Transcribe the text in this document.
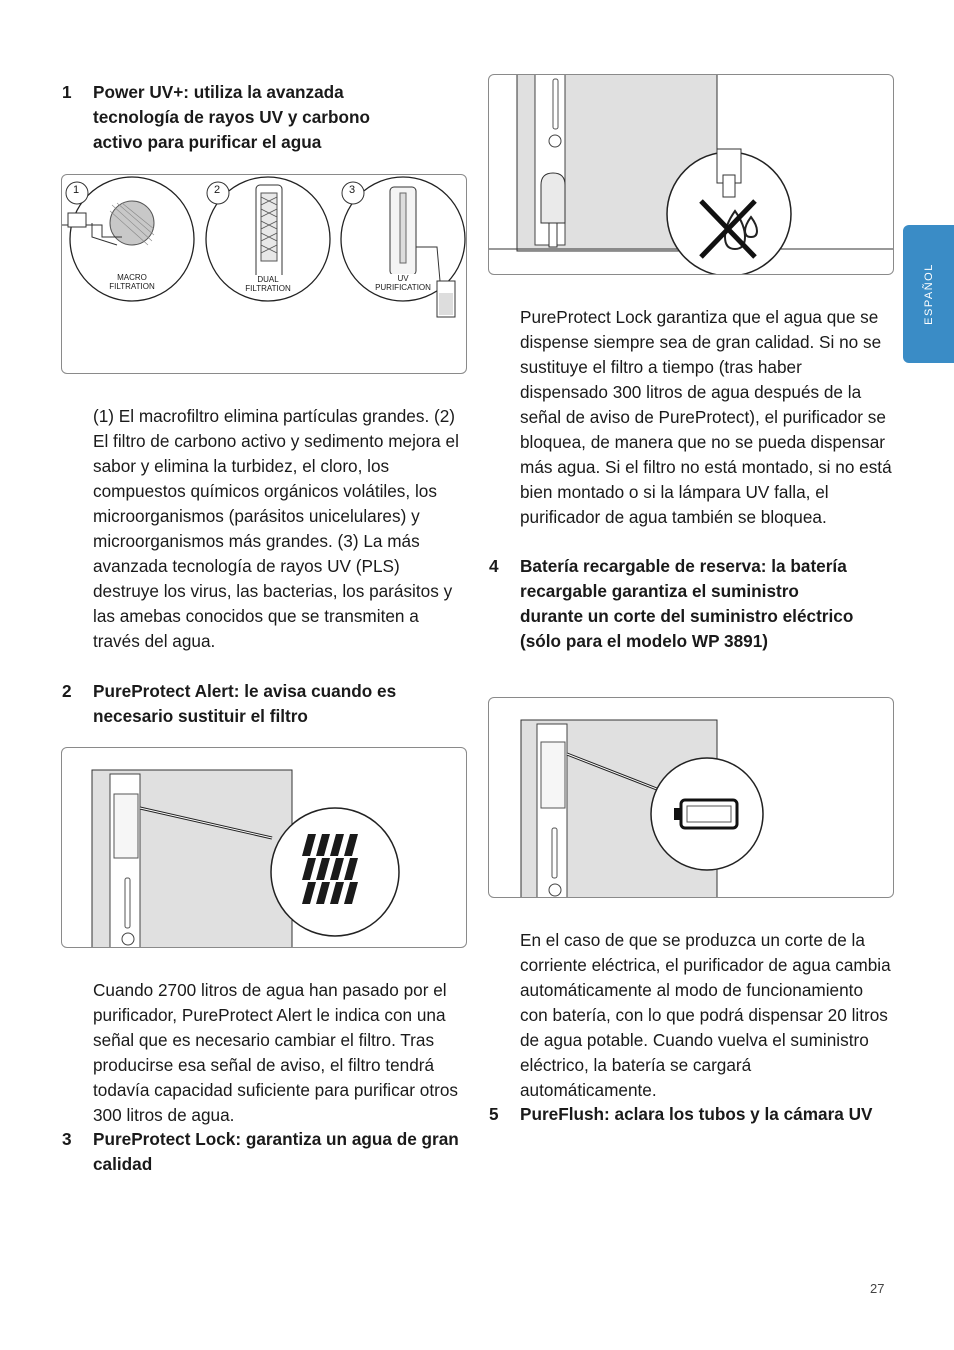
1 Power UV+: utiliza la avanzada tecnología de rayos UV y carbono activo para purificar el agua
1	2	3
MACRO FILTRATION
DUAL FILTRATION
UV PURIFICATION
(1) El macrofiltro elimina partículas grandes. (2) El filtro de carbono activo y sedimento mejora el sabor y elimina la turbidez, el cloro, los compuestos químicos orgánicos volátiles, los microorganismos (parásitos unicelulares) y microorganismos más grandes. (3) La más avanzada tecnología de rayos UV (PLS) destruye los virus, las bacterias, los parásitos y las amebas conocidos que se transmiten a través del agua.
2 PureProtect Alert: le avisa cuando es necesario sustituir el filtro
Cuando 2700 litros de agua han pasado por el purificador, PureProtect Alert le indica con una señal que es necesario cambiar el filtro. Tras producirse esa señal de aviso, el filtro tendrá todavía capacidad suficiente para purificar otros 300 litros de agua.
3 PureProtect Lock: garantiza un agua de gran calidad
PureProtect Lock garantiza que el agua que se dispense siempre sea de gran calidad. Si no se sustituye el filtro a tiempo (tras haber dispensado 300 litros de agua después de la señal de aviso de PureProtect), el purificador se bloquea, de manera que no se pueda dispensar más agua. Si el filtro no está montado, si no está bien montado o si la lámpara UV falla, el purificador de agua también se bloquea.
4 Batería recargable de reserva: la batería recargable garantiza el suministro durante un corte del suministro eléctrico (sólo para el modelo WP 3891)
En el caso de que se produzca un corte de la corriente eléctrica, el purificador de agua cambia automáticamente al modo de funcionamiento con batería, con lo que podrá dispensar 20 litros de agua potable. Cuando vuelva el suministro eléctrico, la batería se cargará automáticamente.
5 PureFlush: aclara los tubos y la cámara UV
ESPAÑOL
27
